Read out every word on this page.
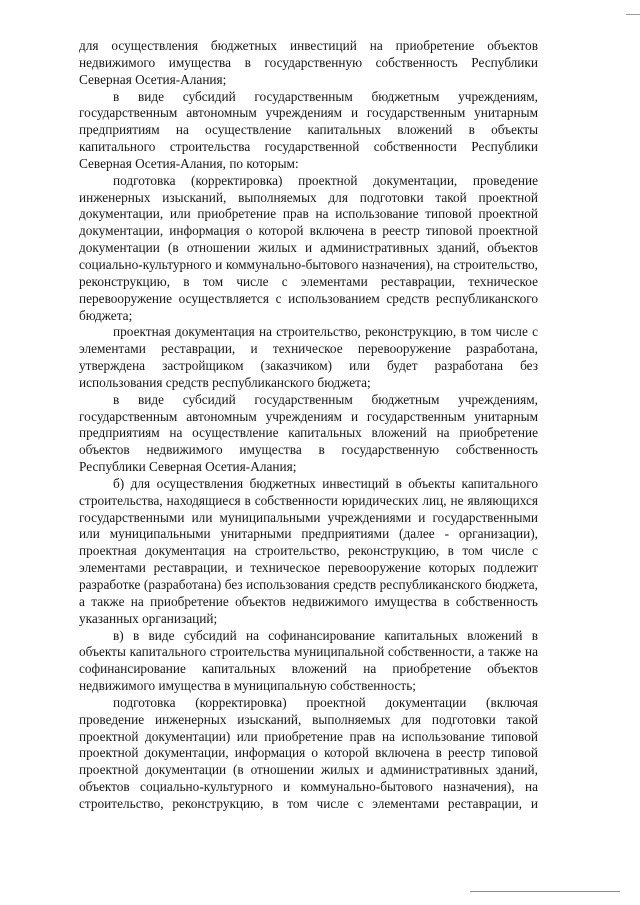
для осуществления бюджетных инвестиций на приобретение объектов недвижимого имущества в государственную собственность Республики Северная Осетия-Алания;

в виде субсидий государственным бюджетным учреждениям, государственным автономным учреждениям и государственным унитарным предприятиям на осуществление капитальных вложений в объекты капитального строительства государственной собственности Республики Северная Осетия-Алания, по которым:

подготовка (корректировка) проектной документации, проведение инженерных изысканий, выполняемых для подготовки такой проектной документации, или приобретение прав на использование типовой проектной документации, информация о которой включена в реестр типовой проектной документации (в отношении жилых и административных зданий, объектов социально-культурного и коммунально-бытового назначения), на строительство, реконструкцию, в том числе с элементами реставрации, техническое перевооружение осуществляется с использованием средств республиканского бюджета;

проектная документация на строительство, реконструкцию, в том числе с элементами реставрации, и техническое перевооружение разработана, утверждена застройщиком (заказчиком) или будет разработана без использования средств республиканского бюджета;

в виде субсидий государственным бюджетным учреждениям, государственным автономным учреждениям и государственным унитарным предприятиям на осуществление капитальных вложений на приобретение объектов недвижимого имущества в государственную собственность Республики Северная Осетия-Алания;

б) для осуществления бюджетных инвестиций в объекты капитального строительства, находящиеся в собственности юридических лиц, не являющихся государственными или муниципальными учреждениями и государственными или муниципальными унитарными предприятиями (далее - организации), проектная документация на строительство, реконструкцию, в том числе с элементами реставрации, и техническое перевооружение которых подлежит разработке (разработана) без использования средств республиканского бюджета, а также на приобретение объектов недвижимого имущества в собственность указанных организаций;

в) в виде субсидий на софинансирование капитальных вложений в объекты капитального строительства муниципальной собственности, а также на софинансирование капитальных вложений на приобретение объектов недвижимого имущества в муниципальную собственность;

подготовка (корректировка) проектной документации (включая проведение инженерных изысканий, выполняемых для подготовки такой проектной документации) или приобретение прав на использование типовой проектной документации, информация о которой включена в реестр типовой проектной документации (в отношении жилых и административных зданий, объектов социально-культурного и коммунально-бытового назначения), на строительство, реконструкцию, в том числе с элементами реставрации, и
